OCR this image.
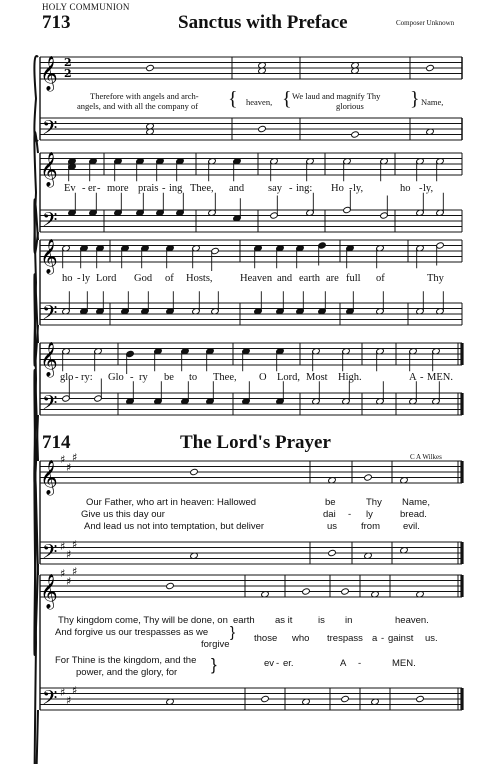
HOLY COMMUNION
713	Sanctus with Preface	Composer Unknown
𝄞
𝄢
2
2
𝄞
𝄢
𝄞
𝄢
𝄞
𝄢
𝄞
𝄢
♯
♯
♯
♯
♯
♯
𝄞
𝄢
♯
♯
♯
♯
♯
♯
Therefore with angels and arch-
angels, and with all the company of { heaven, { We laud and magnify Thy
glorious } Name,
Ev - er - more prais - ing Thee, and say - ing: Ho - ly,	ho - ly,
ho - ly Lord God of Hosts,	Heaven and earth are full of	Thy
glo - ry: Glo - ry be to Thee, O Lord, Most High.	A - MEN.
714	The Lord's Prayer
C A Wilkes
Our Father, who art in heaven: Hallowed
Give us this day our
And lead us not into temptation, but deliver
be	Thy Name,
dai - ly	bread.
us	from evil.
Thy kingdom come, Thy will be done, on
And forgive us our trespasses as we }
forgive
For Thine is the kingdom, and the
power, and the glory, for }
earth as it	is in	heaven.
those who trespass a - gainst us.
ev - er.	A -	MEN.
